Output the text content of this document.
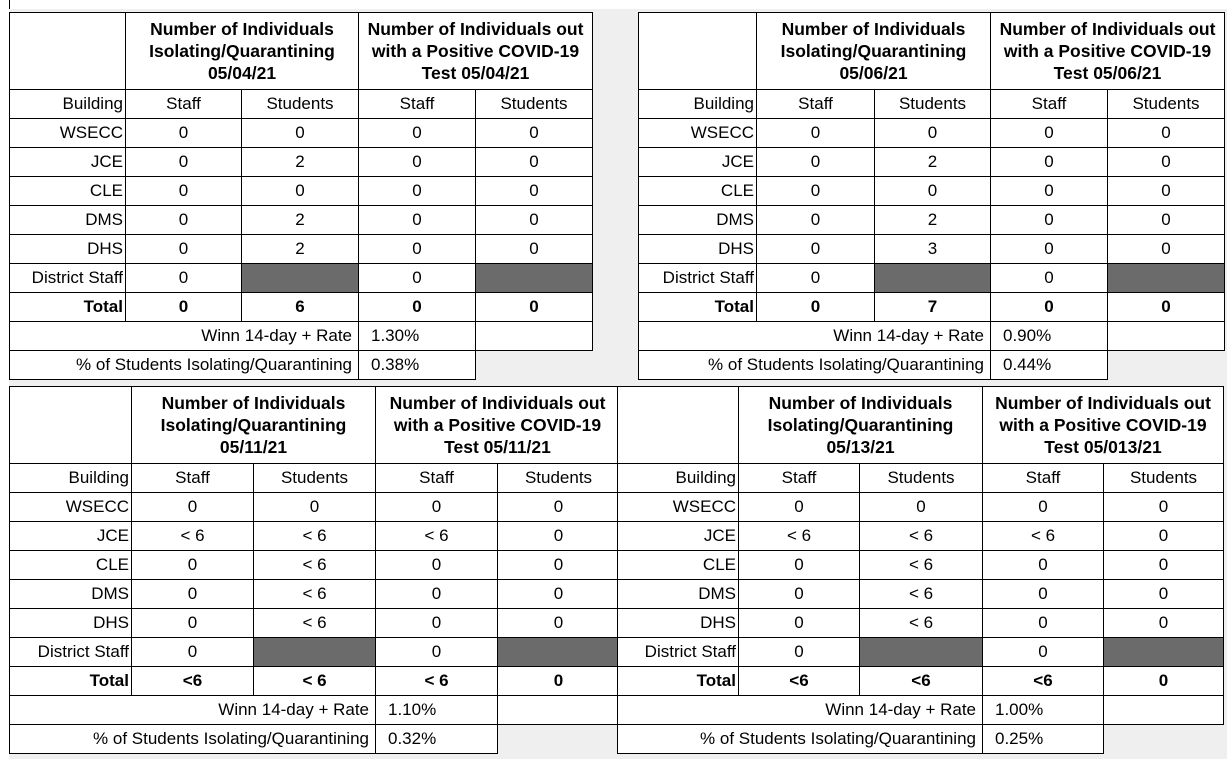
	Number of Individuals Isolating/Quarantining 05/04/21		Number of Individuals out with a Positive COVID-19 Test 05/04/21	
Building	Staff	Students	Staff	Students
WSECC	0	0	0	0
JCE	0	2	0	0
CLE	0	0	0	0
DMS	0	2	0	0
DHS	0	2	0	0
District Staff	0		0	
Total	0	6	0	0
Winn 14-day + Rate			1.30%	
% of Students Isolating/Quarantining			0.38%	
	Number of Individuals Isolating/Quarantining 05/06/21		Number of Individuals out with a Positive COVID-19 Test 05/06/21	
Building	Staff	Students	Staff	Students
WSECC	0	0	0	0
JCE	0	2	0	0
CLE	0	0	0	0
DMS	0	2	0	0
DHS	0	3	0	0
District Staff	0		0	
Total	0	7	0	0
Winn 14-day + Rate			0.90%	
% of Students Isolating/Quarantining			0.44%	
	Number of Individuals Isolating/Quarantining 05/11/21		Number of Individuals out with a Positive COVID-19 Test 05/11/21	
Building	Staff	Students	Staff	Students
WSECC	0	0	0	0
JCE	< 6	< 6	< 6	0
CLE	0	< 6	0	0
DMS	0	< 6	0	0
DHS	0	< 6	0	0
District Staff	0		0	
Total	<6	< 6	< 6	0
Winn 14-day + Rate			1.10%	
% of Students Isolating/Quarantining			0.32%	
	Number of Individuals Isolating/Quarantining 05/13/21		Number of Individuals out with a Positive COVID-19 Test 05/013/21	
Building	Staff	Students	Staff	Students
WSECC	0	0	0	0
JCE	< 6	< 6	< 6	0
CLE	0	< 6	0	0
DMS	0	< 6	0	0
DHS	0	< 6	0	0
District Staff	0		0	
Total	<6	<6	<6	0
Winn 14-day + Rate			1.00%	
% of Students Isolating/Quarantining			0.25%	
